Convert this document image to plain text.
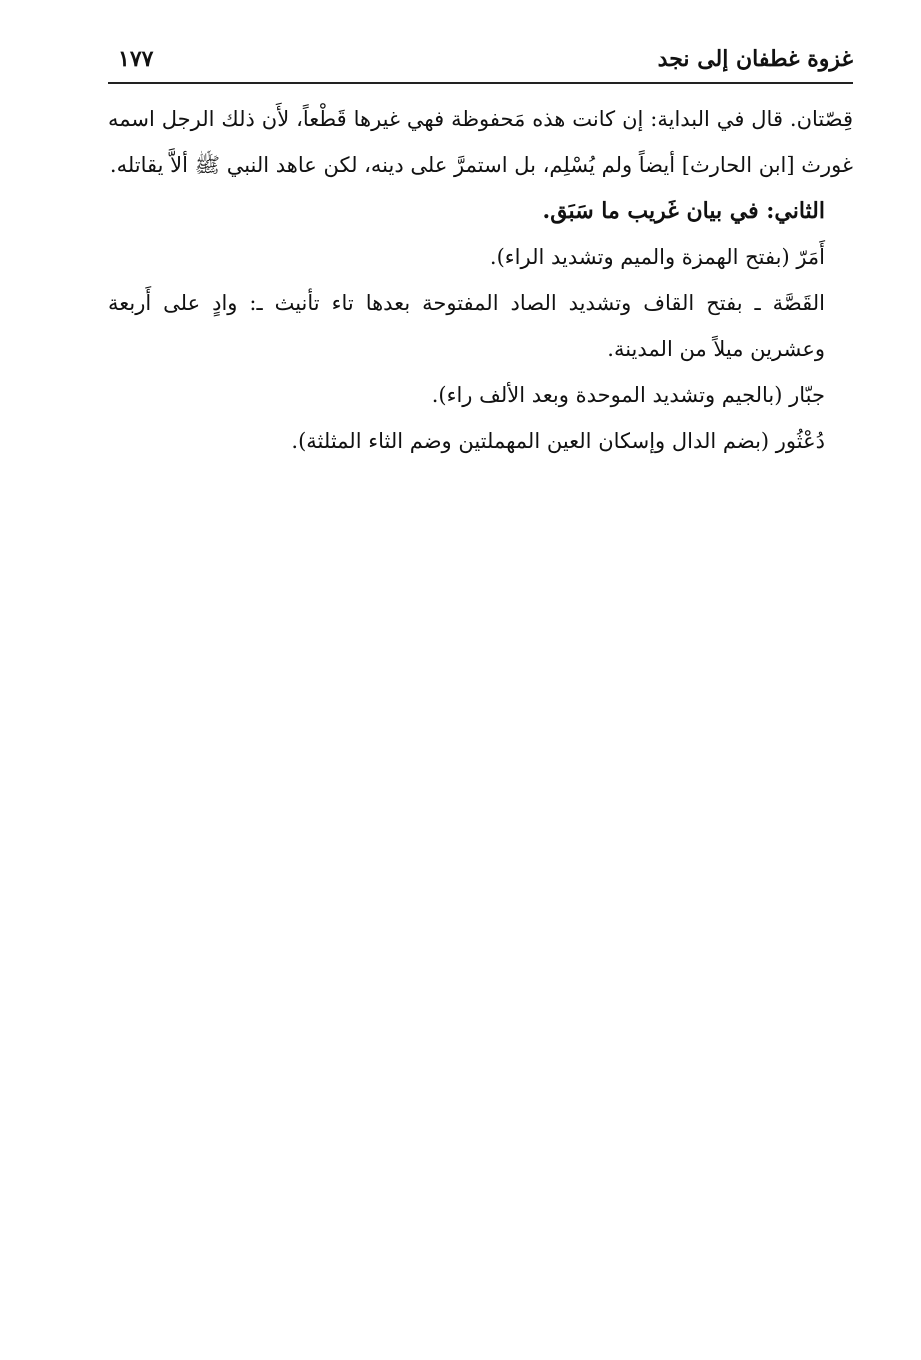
غزوة غطفان إلى نجد
١٧٧

قِصّتان. قال في البداية: إن كانت هذه مَحفوظة فهي غيرها قَطْعاً، لأَن ذلك الرجل اسمه غورث [ابن الحارث] أيضاً ولم يُسْلِم، بل استمرَّ على دينه، لكن عاهد النبي ﷺ ألاَّ يقاتله.

الثاني: في بيان غَريب ما سَبَق.

أَمَرّ (بفتح الهمزة والميم وتشديد الراء).

القَصَّة ـ بفتح القاف وتشديد الصاد المفتوحة بعدها تاء تأنيث ـ: وادٍ على أَربعة وعشرين ميلاً من المدينة.

جبّار (بالجيم وتشديد الموحدة وبعد الألف راء).

دُعْثُور (بضم الدال وإسكان العين المهملتين وضم الثاء المثلثة).
